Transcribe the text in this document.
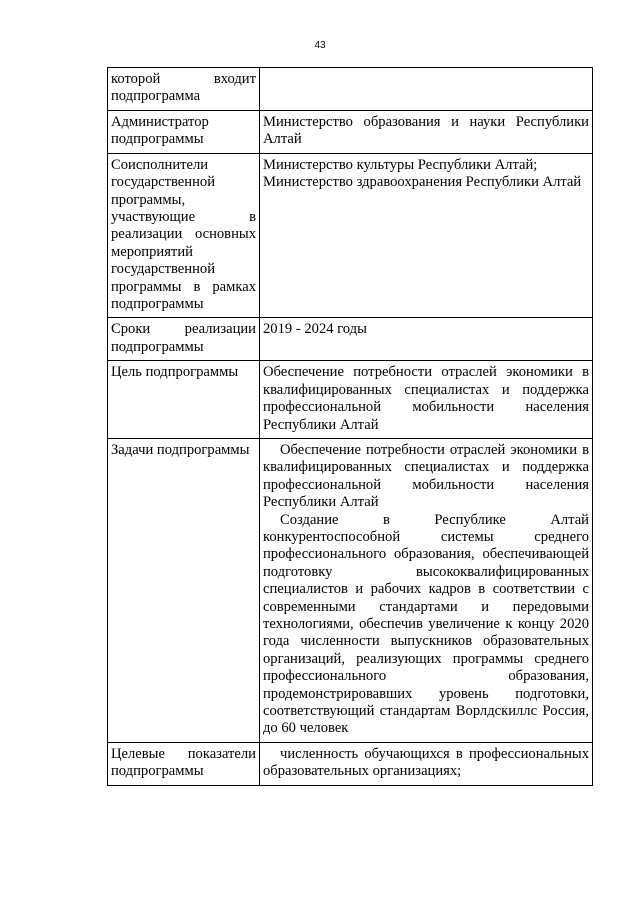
43
которой входит подпрограмма	
Администратор подпрограммы	Министерство образования и науки Республики Алтай

Соисполнители государственной программы, участвующие в реализации основных мероприятий государственной программы в рамках подпрограммы	Министерство культуры Республики Алтай;

Министерство здравоохранения Республики Алтай

Сроки реализации подпрограммы	2019 - 2024 годы

Цель подпрограммы	Обеспечение потребности отраслей экономики в квалифицированных специалистах и поддержка профессиональной мобильности населения Республики Алтай

Задачи подпрограммы	Обеспечение потребности отраслей экономики в квалифицированных специалистах и поддержка профессиональной мобильности населения Республики Алтай

Создание в Республике Алтай конкурентоспособной системы среднего профессионального образования, обеспечивающей подготовку высококвалифицированных специалистов и рабочих кадров в соответствии с современными стандартами и передовыми технологиями, обеспечив увеличение к концу 2020 года численности выпускников образовательных организаций, реализующих программы среднего профессионального образования, продемонстрировавших уровень подготовки, соответствующий стандартам Ворлдскиллс Россия, до 60 человек

Целевые показатели подпрограммы	численность обучающихся в профессиональных образовательных организациях;
